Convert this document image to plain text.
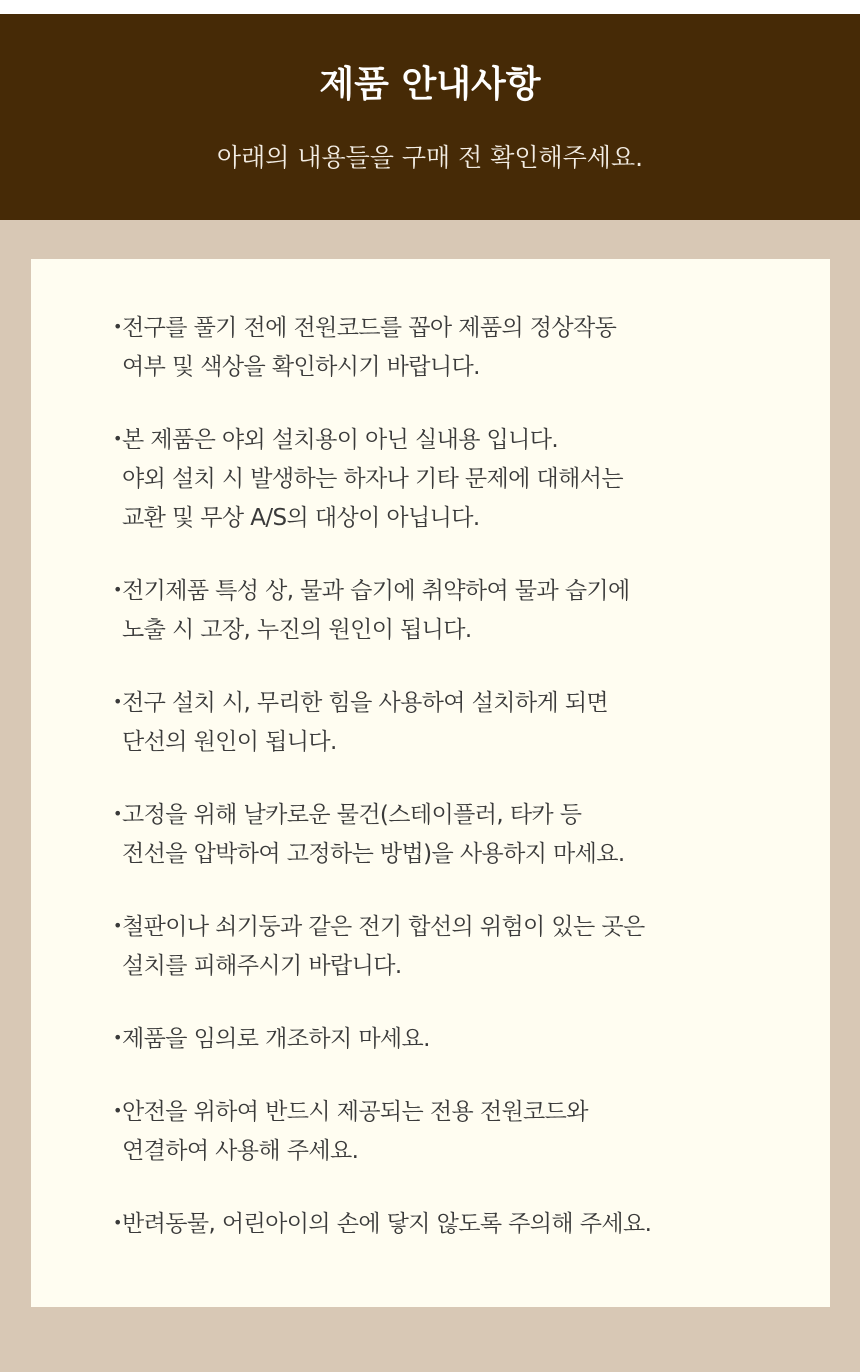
제품 안내사항
아래의 내용들을 구매 전 확인해주세요.
• 전구를 풀기 전에 전원코드를 꼽아 제품의 정상작동
여부 및 색상을 확인하시기 바랍니다.
• 본 제품은 야외 설치용이 아닌 실내용 입니다.
야외 설치 시 발생하는 하자나 기타 문제에 대해서는
교환 및 무상 A/S의 대상이 아닙니다.
• 전기제품 특성 상, 물과 습기에 취약하여 물과 습기에
노출 시 고장, 누진의 원인이 됩니다.
• 전구 설치 시, 무리한 힘을 사용하여 설치하게 되면
단선의 원인이 됩니다.
• 고정을 위해 날카로운 물건(스테이플러, 타카 등
전선을 압박하여 고정하는 방법)을 사용하지 마세요.
• 철판이나 쇠기둥과 같은 전기 합선의 위험이 있는 곳은
설치를 피해주시기 바랍니다.
• 제품을 임의로 개조하지 마세요.
• 안전을 위하여 반드시 제공되는 전용 전원코드와
연결하여 사용해 주세요.
• 반려동물, 어린아이의 손에 닿지 않도록 주의해 주세요.
